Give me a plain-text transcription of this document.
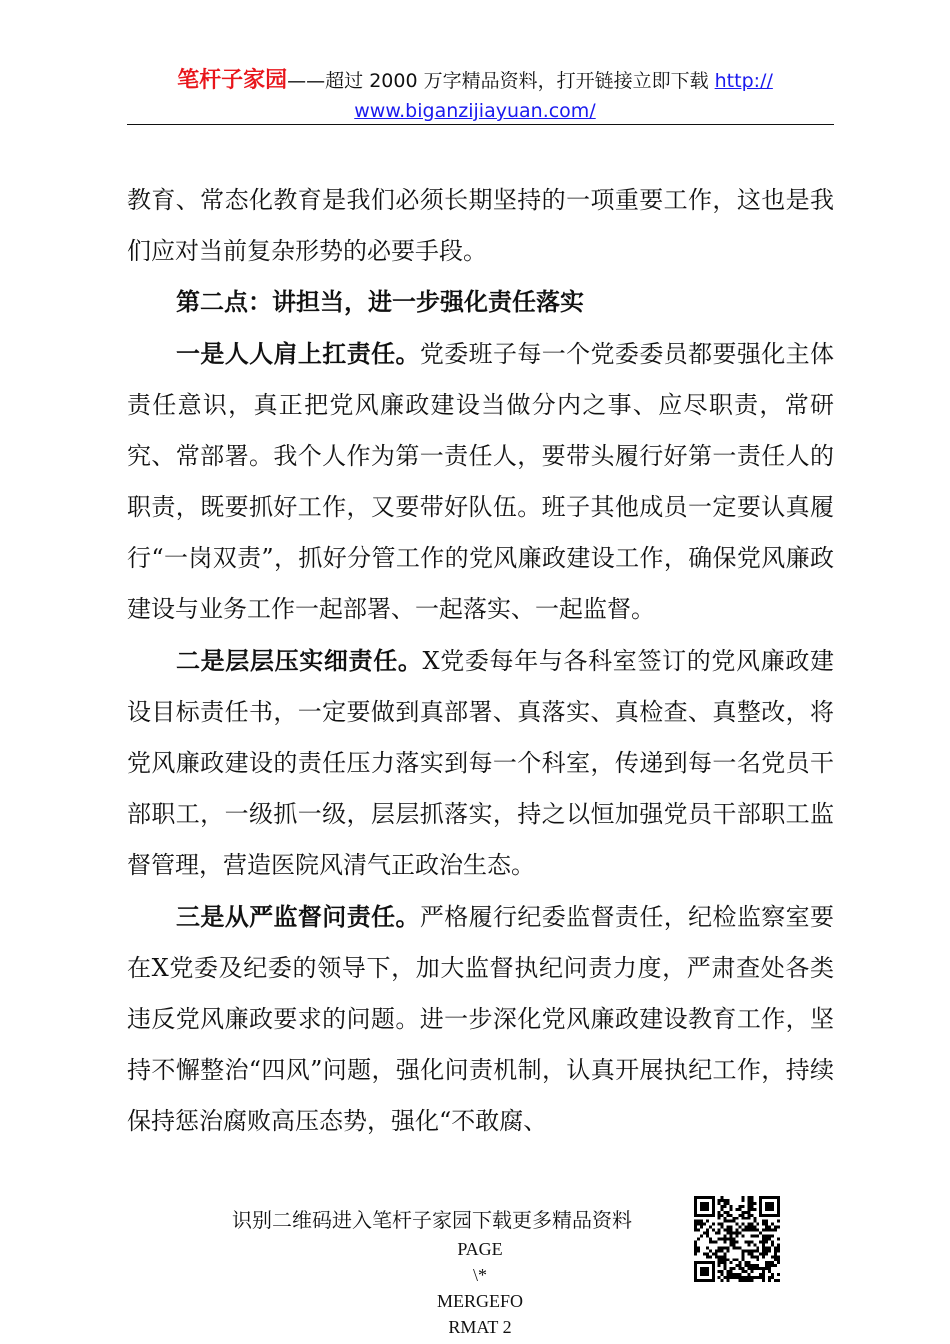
笔杆子家园——超过 2000 万字精品资料，打开链接立即下载 http://
www.biganzijiayuan.com/

教育、常态化教育是我们必须长期坚持的一项重要工作，这也是我们应对当前复杂形势的必要手段。

第二点：讲担当，进一步强化责任落实

一是人人肩上扛责任。党委班子每一个党委委员都要强化主体责任意识，真正把党风廉政建设当做分内之事、应尽职责，常研究、常部署。我个人作为第一责任人，要带头履行好第一责任人的职责，既要抓好工作，又要带好队伍。班子其他成员一定要认真履行“一岗双责”，抓好分管工作的党风廉政建设工作，确保党风廉政建设与业务工作一起部署、一起落实、一起监督。

二是层层压实细责任。X党委每年与各科室签订的党风廉政建设目标责任书，一定要做到真部署、真落实、真检查、真整改，将党风廉政建设的责任压力落实到每一个科室，传递到每一名党员干部职工，一级抓一级，层层抓落实，持之以恒加强党员干部职工监督管理，营造医院风清气正政治生态。

三是从严监督问责任。严格履行纪委监督责任，纪检监察室要在X党委及纪委的领导下，加大监督执纪问责力度，严肃查处各类违反党风廉政要求的问题。进一步深化党风廉政建设教育工作，坚持不懈整治“四风”问题，强化问责机制，认真开展执纪工作，持续保持惩治腐败高压态势，强化“不敢腐、

识别二维码进入笔杆子家园下载更多精品资料
PAGE
\*
MERGEFO
RMAT 2
